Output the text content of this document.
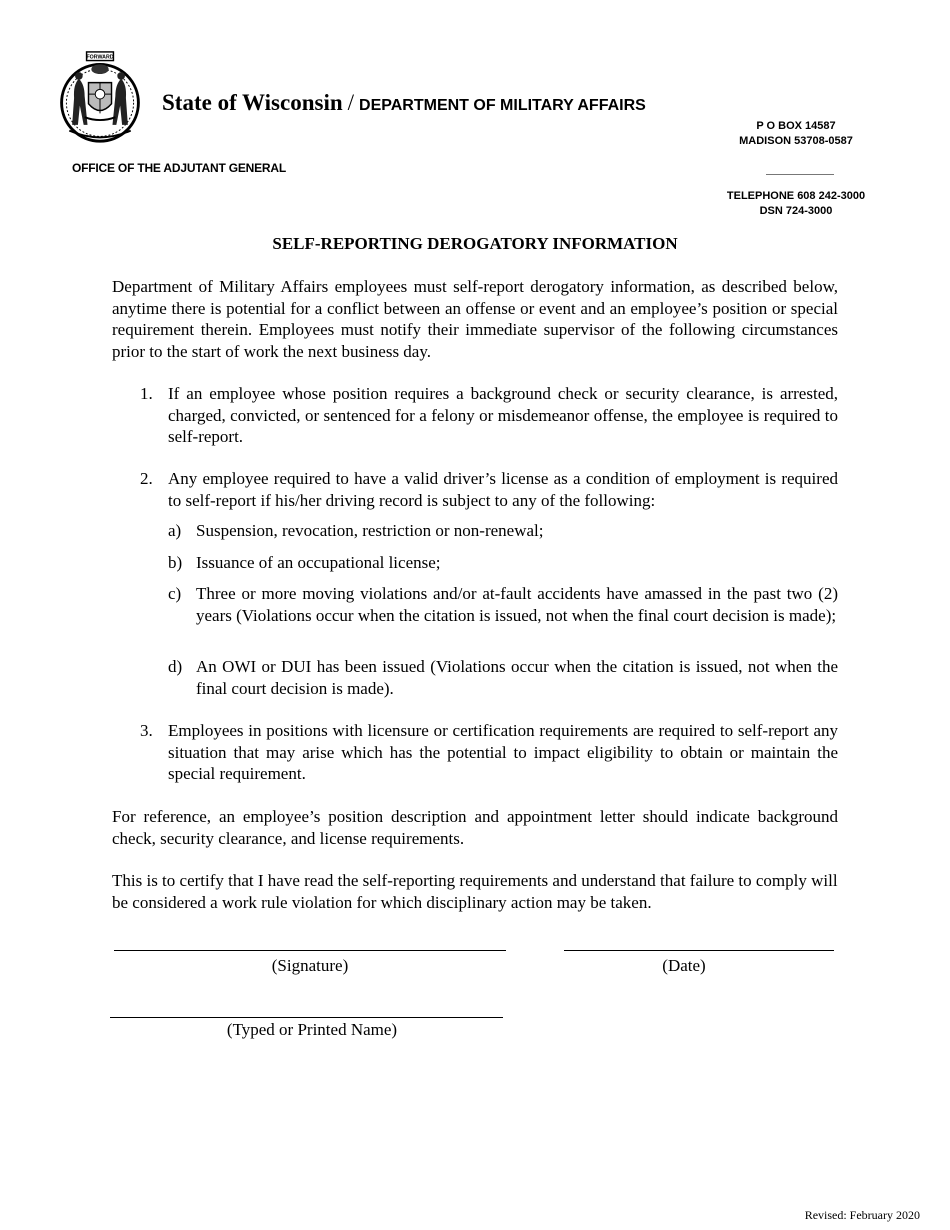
FORWARD
State of Wisconsin / DEPARTMENT OF MILITARY AFFAIRS
OFFICE OF THE ADJUTANT GENERAL
P O BOX 14587
MADISON 53708-0587
TELEPHONE 608 242-3000
DSN 724-3000
SELF-REPORTING DEROGATORY INFORMATION

Department of Military Affairs employees must self-report derogatory information, as described below, anytime there is potential for a conflict between an offense or event and an employee’s position or special requirement therein. Employees must notify their immediate supervisor of the following circumstances prior to the start of work the next business day.

1. If an employee whose position requires a background check or security clearance, is arrested, charged, convicted, or sentenced for a felony or misdemeanor offense, the employee is required to self-report.
2. Any employee required to have a valid driver’s license as a condition of employment is required to self-report if his/her driving record is subject to any of the following:
a) Suspension, revocation, restriction or non-renewal;
b) Issuance of an occupational license;
c) Three or more moving violations and/or at-fault accidents have amassed in the past two (2) years (Violations occur when the citation is issued, not when the final court decision is made);
d) An OWI or DUI has been issued (Violations occur when the citation is issued, not when the final court decision is made).
3. Employees in positions with licensure or certification requirements are required to self-report any situation that may arise which has the potential to impact eligibility to obtain or maintain the special requirement.

For reference, an employee’s position description and appointment letter should indicate background check, security clearance, and license requirements.

This is to certify that I have read the self-reporting requirements and understand that failure to comply will be considered a work rule violation for which disciplinary action may be taken.

(Signature)	(Date)
(Typed or Printed Name)
Revised: February 2020
